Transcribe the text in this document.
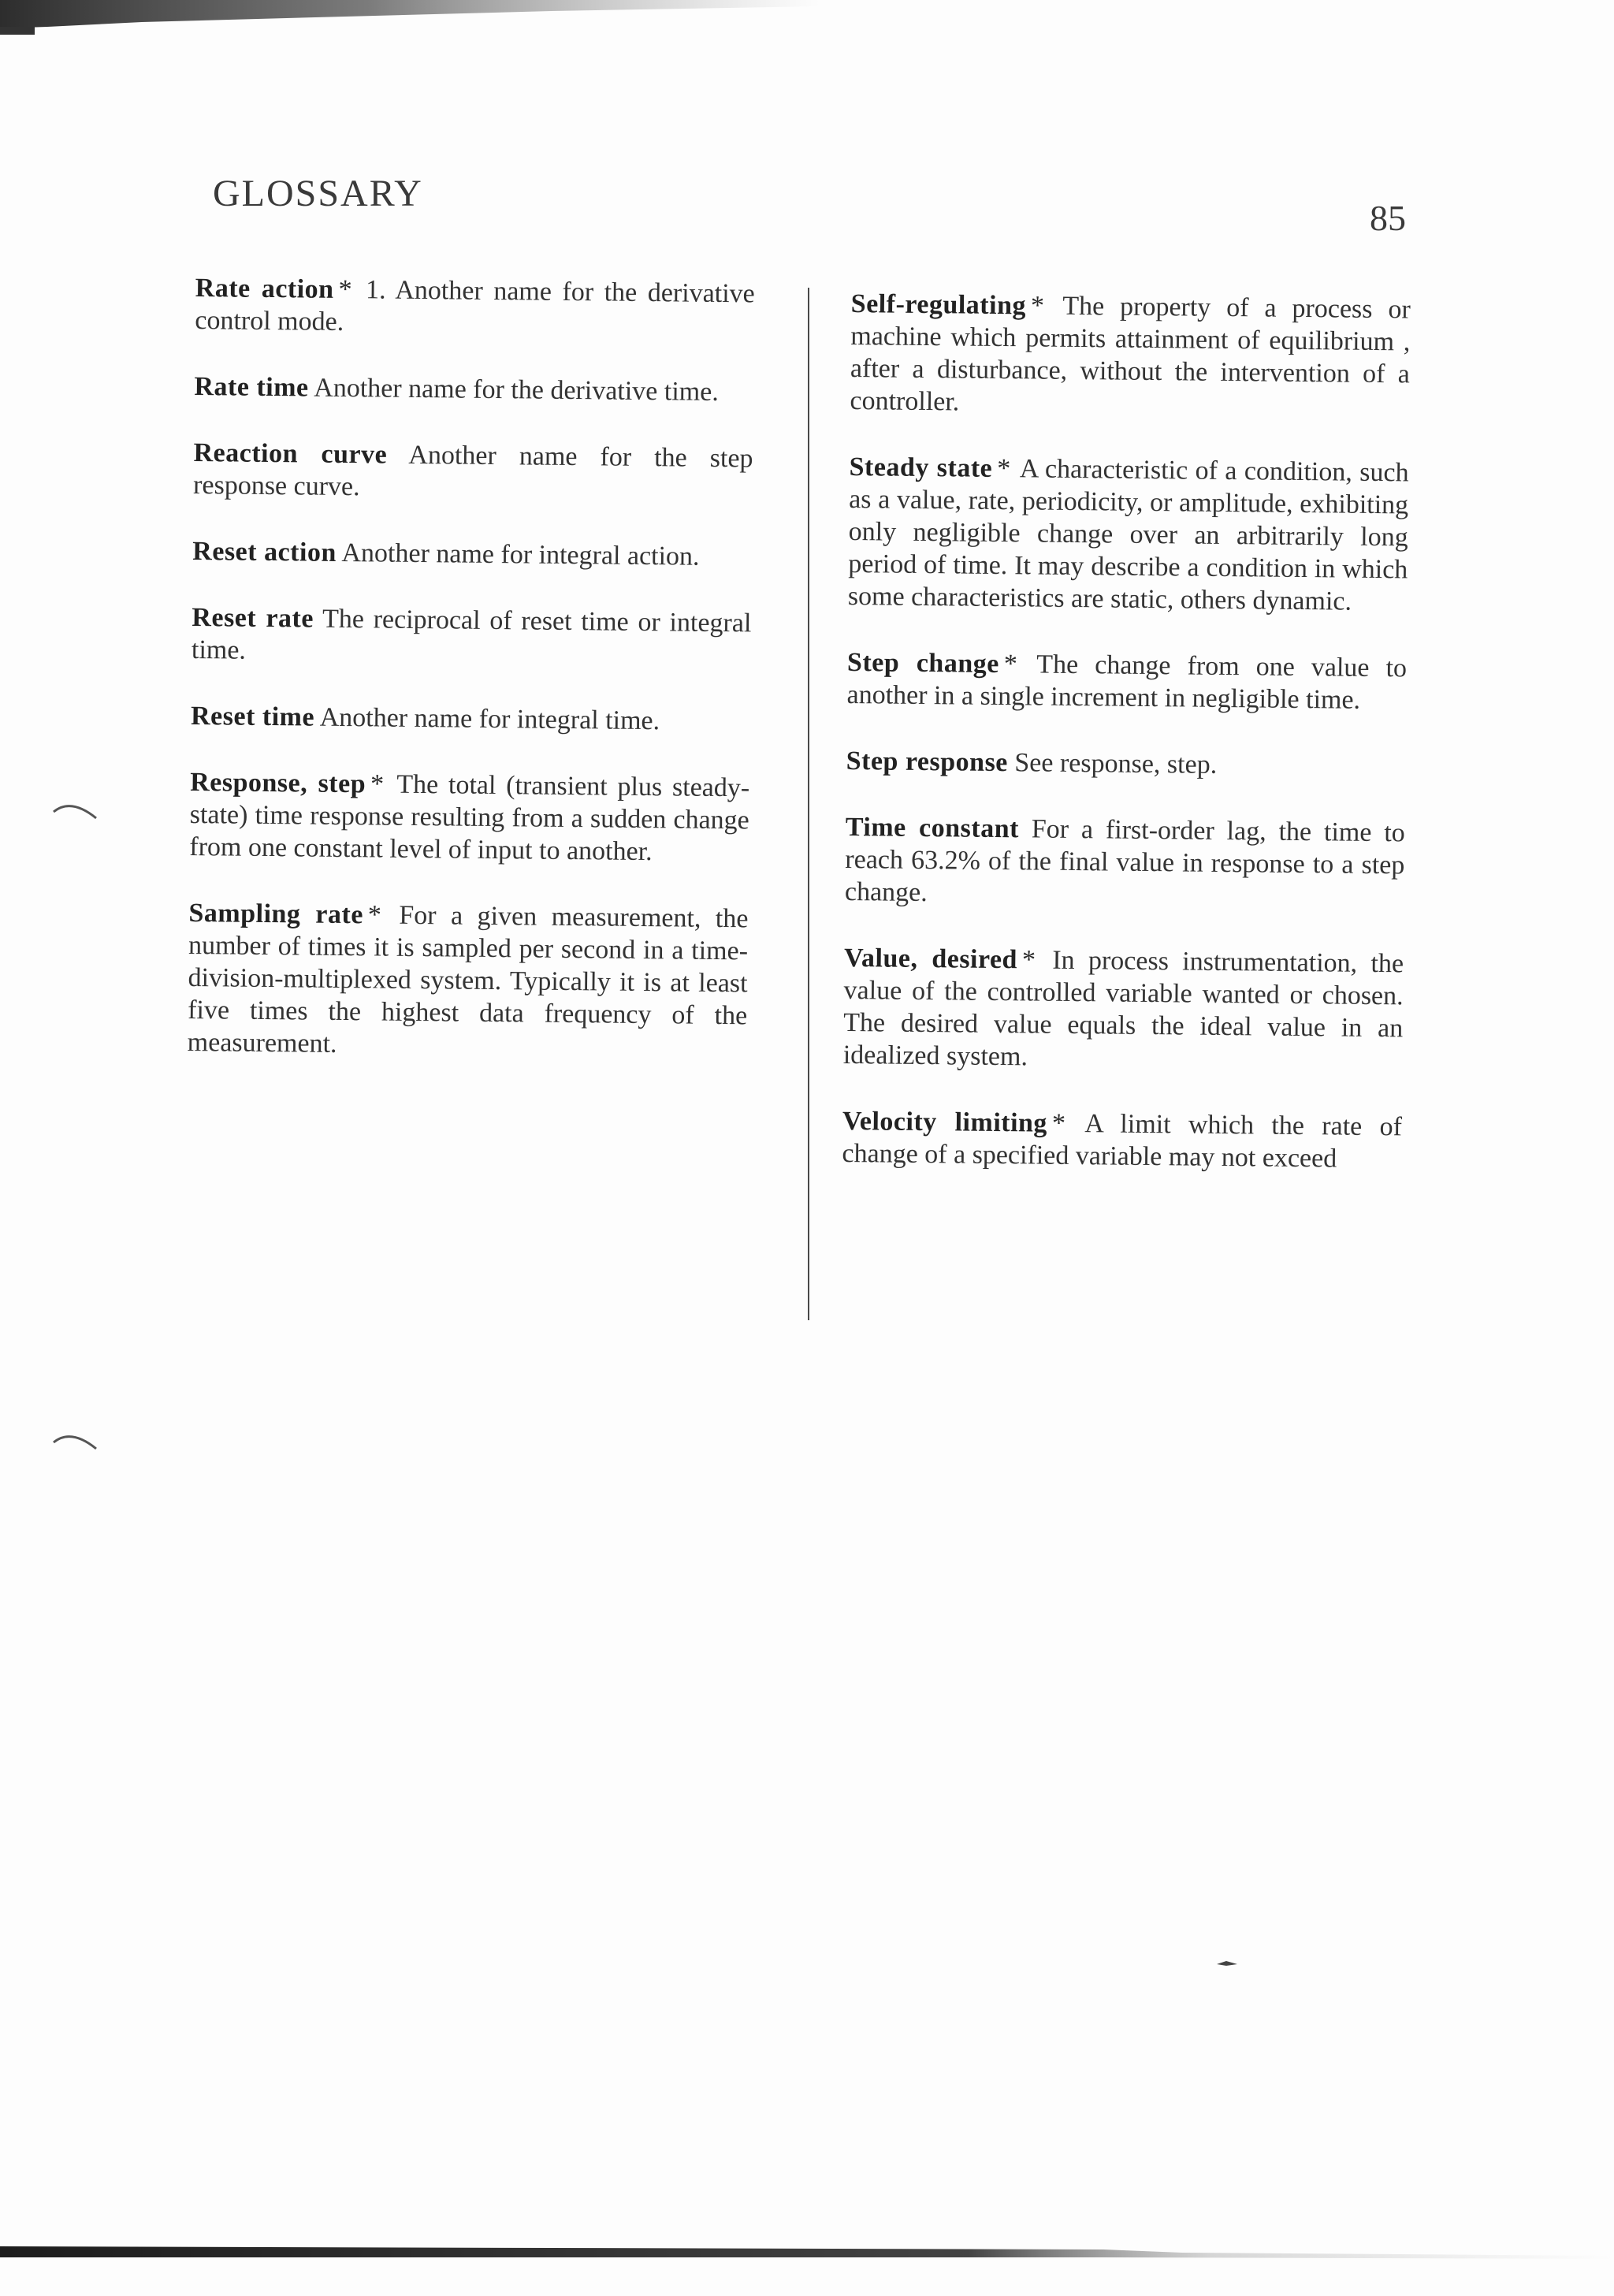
GLOSSARY
85

Rate action * 1. Another name for the derivative control mode.

Rate time Another name for the derivative time.

Reaction curve Another name for the step response curve.

Reset action Another name for integral action.

Reset rate The reciprocal of reset time or integral time.

Reset time Another name for integral time.

Response, step * The total (transient plus steady-state) time response resulting from a sudden change from one constant level of input to another.

Sampling rate * For a given measurement, the number of times it is sampled per second in a time-division-multiplexed system. Typically it is at least five times the highest data frequency of the measurement.

Self-regulating * The property of a process or machine which permits attainment of equilibrium , after a disturbance, without the intervention of a controller.

Steady state * A characteristic of a condition, such as a value, rate, periodicity, or amplitude, exhibiting only negligible change over an arbitrarily long period of time. It may describe a condition in which some characteristics are static, others dynamic.

Step change * The change from one value to another in a single increment in negligible time.

Step response See response, step.

Time constant For a first-order lag, the time to reach 63.2% of the final value in response to a step change.

Value, desired * In process instrumentation, the value of the controlled variable wanted or chosen. The desired value equals the ideal value in an idealized system.

Velocity limiting * A limit which the rate of change of a specified variable may not exceed
